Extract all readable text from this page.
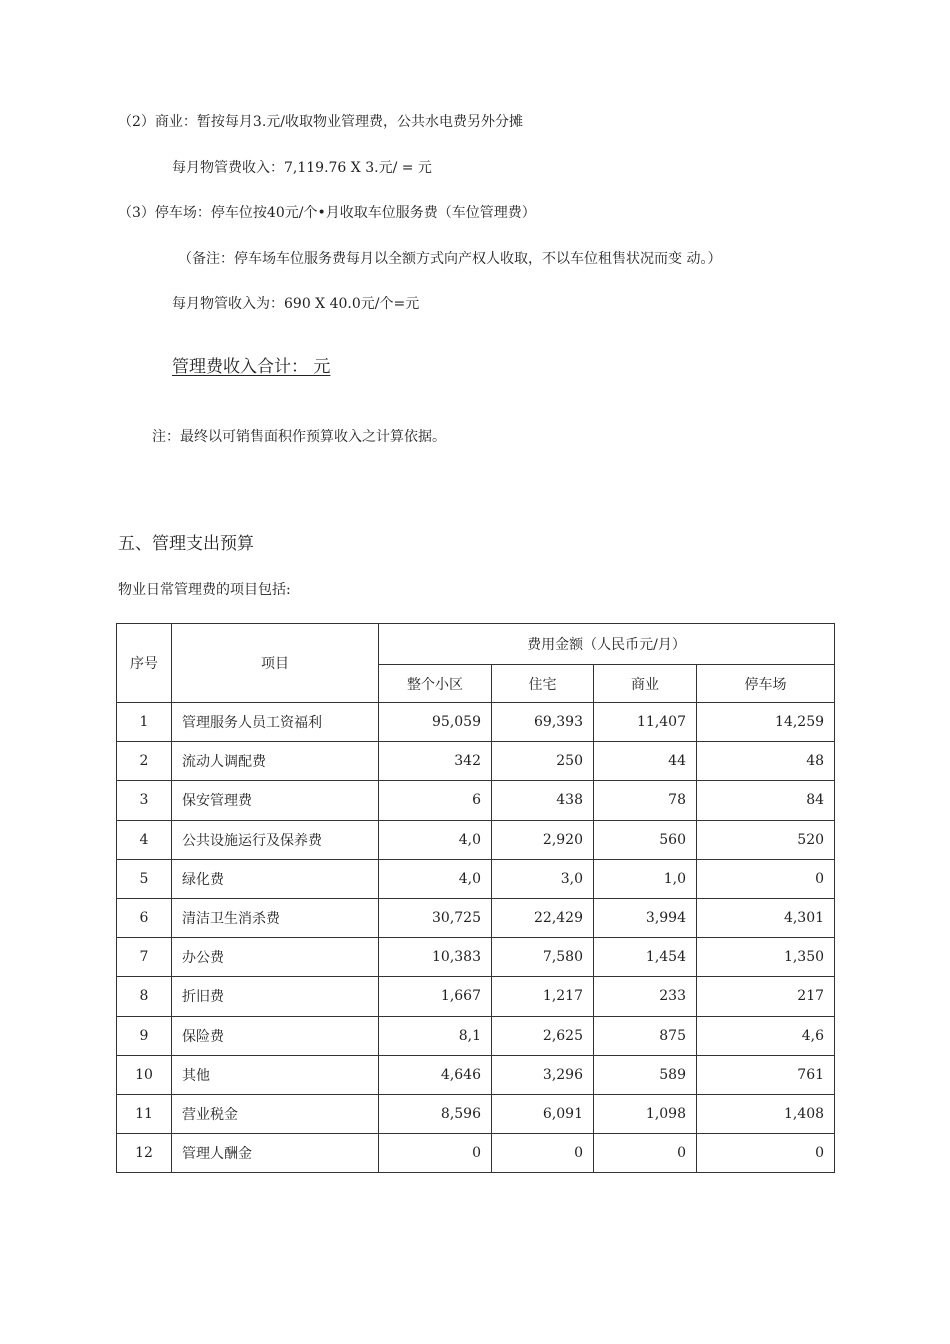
（2）商业：暂按每月3.元/收取物业管理费，公共水电费另外分摊
每月物管费收入：7,119.76 X 3.元/ = 元
（3）停车场：停车位按40元/个•月收取车位服务费（车位管理费）
（备注：停车场车位服务费每月以全额方式向产权人收取，不以车位租售状况而变 动。）
每月物管收入为：690 X 40.0元/个=元
管理费收入合计： 元
注：最终以可销售面积作预算收入之计算依据。
五、管理支出预算
物业日常管理费的项目包括:
序号	项目	费用金额（人民币元/月）			
		整个小区	住宅	商业	停车场
1	管理服务人员工资福利	95,059	69,393	11,407	14,259
2	流动人调配费	342	250	44	48
3	保安管理费	6	438	78	84
4	公共设施运行及保养费	4,0	2,920	560	520
5	绿化费	4,0	3,0	1,0	0
6	清洁卫生消杀费	30,725	22,429	3,994	4,301
7	办公费	10,383	7,580	1,454	1,350
8	折旧费	1,667	1,217	233	217
9	保险费	8,1	2,625	875	4,6
10	其他	4,646	3,296	589	761
11	营业税金	8,596	6,091	1,098	1,408
12	管理人酬金	0	0	0	0
